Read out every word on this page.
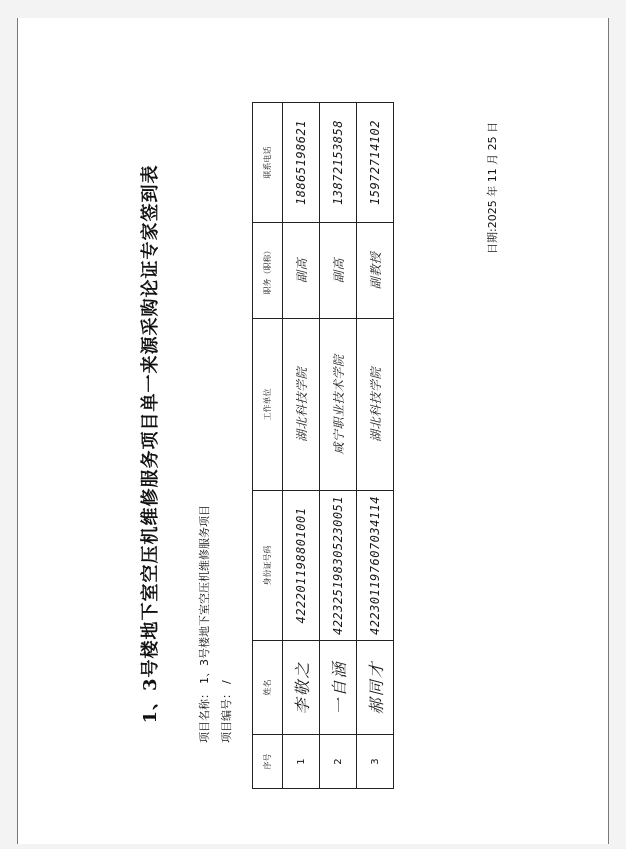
1、3号楼地下室空压机维修服务项目单一来源采购论证专家签到表	项目名称：1、3号楼地下室空压机维修服务项目
项目编号：/
序号	姓名	身份证号码	工作单位	职务（职称）	联系电话
1	李敬之	422201198801001	湖北科技学院	副高	18865198621
2	一自涵	422325198305230051	咸宁职业技术学院	副高	13872153858
3	郝同才	422301197607034114	湖北科技学院	副教授	15972714102	日期:2025 年 11 月 25 日
